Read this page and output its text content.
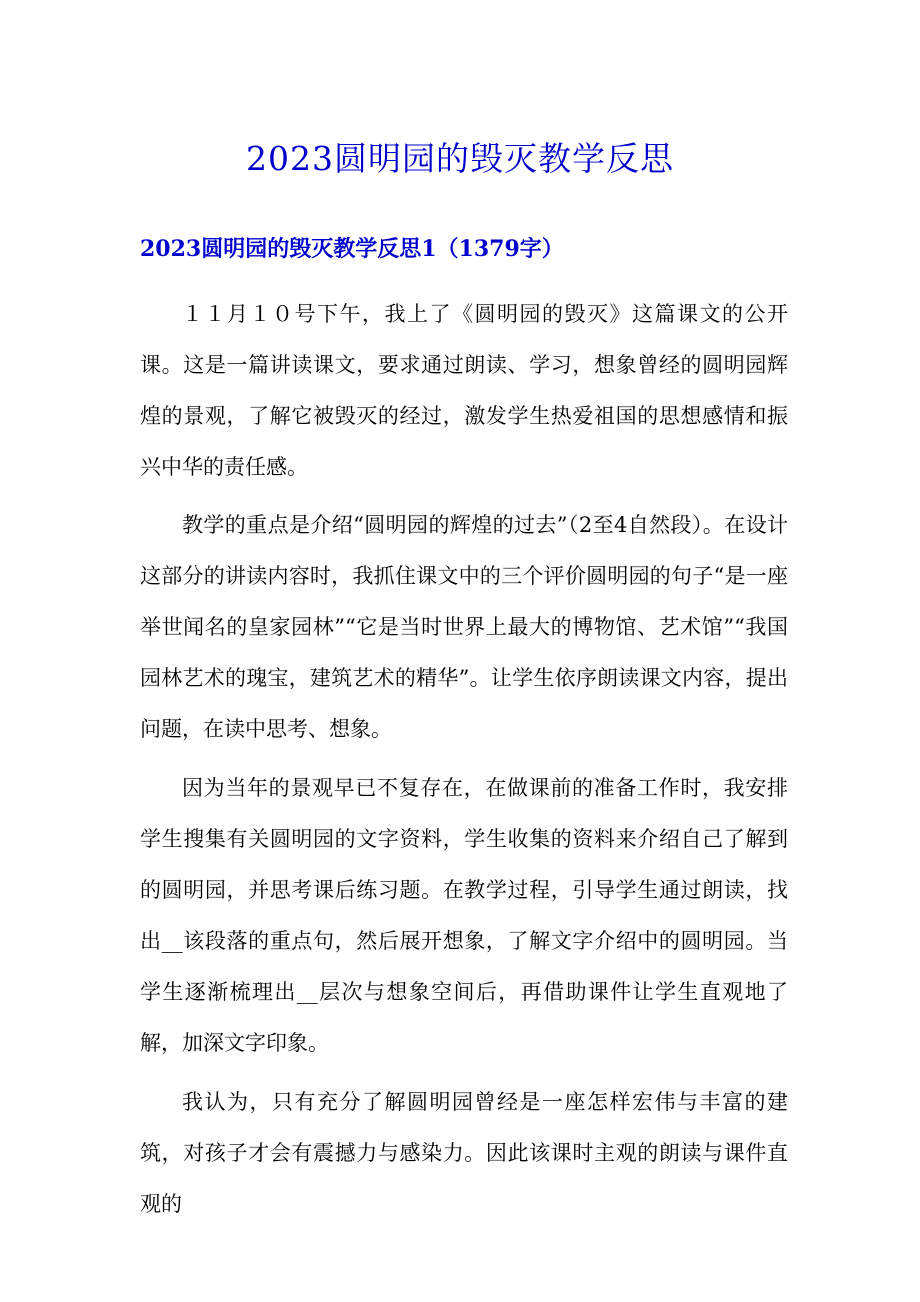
2023圆明园的毁灭教学反思
2023圆明园的毁灭教学反思1（1379字）

１１月１０号下午，我上了《圆明园的毁灭》这篇课文的公开课。这是一篇讲读课文，要求通过朗读、学习，想象曾经的圆明园辉煌的景观，了解它被毁灭的经过，激发学生热爱祖国的思想感情和振兴中华的责任感。

教学的重点是介绍“圆明园的辉煌的过去”（2至4自然段）。在设计这部分的讲读内容时，我抓住课文中的三个评价圆明园的句子“是一座举世闻名的皇家园林”“它是当时世界上最大的博物馆、艺术馆”“我国园林艺术的瑰宝，建筑艺术的精华”。让学生依序朗读课文内容，提出问题，在读中思考、想象。

因为当年的景观早已不复存在，在做课前的准备工作时，我安排学生搜集有关圆明园的文字资料，学生收集的资料来介绍自己了解到的圆明园，并思考课后练习题。在教学过程，引导学生通过朗读，找出__该段落的重点句，然后展开想象，了解文字介绍中的圆明园。当学生逐渐梳理出__层次与想象空间后，再借助课件让学生直观地了解，加深文字印象。

我认为，只有充分了解圆明园曾经是一座怎样宏伟与丰富的建筑，对孩子才会有震撼力与感染力。因此该课时主观的朗读与课件直观的
